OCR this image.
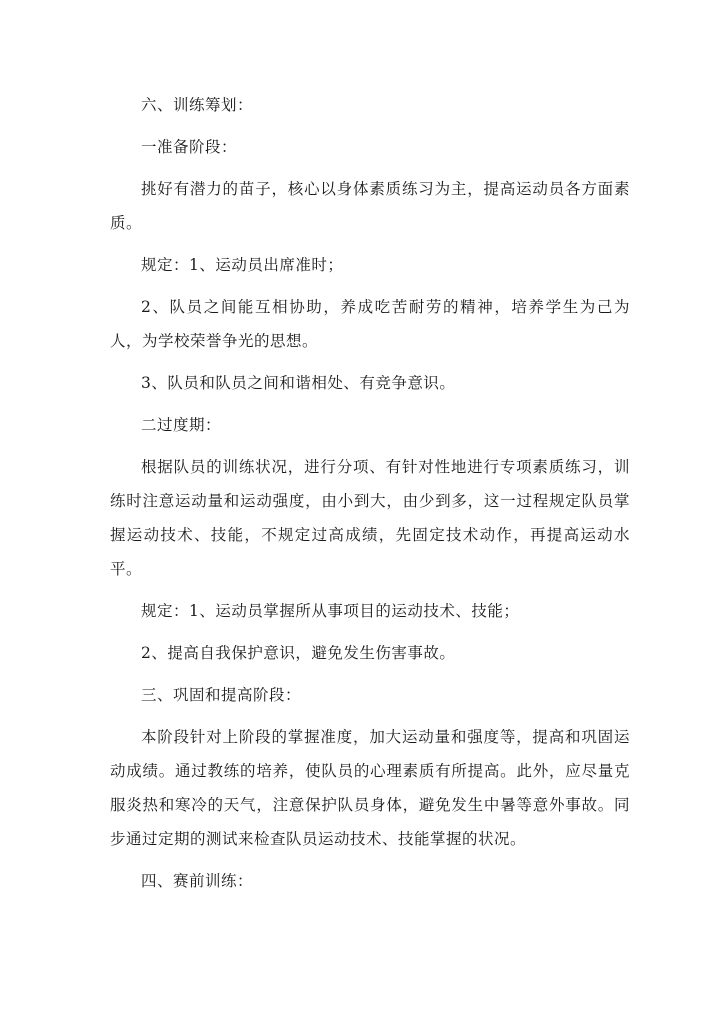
六、训练筹划：

一准备阶段：

挑好有潜力的苗子，核心以身体素质练习为主，提高运动员各方面素质。

规定：1、运动员出席准时；

2、队员之间能互相协助，养成吃苦耐劳的精神，培养学生为己为人，为学校荣誉争光的思想。

3、队员和队员之间和谐相处、有竞争意识。

二过度期：

根据队员的训练状况，进行分项、有针对性地进行专项素质练习，训练时注意运动量和运动强度，由小到大，由少到多，这一过程规定队员掌握运动技术、技能，不规定过高成绩，先固定技术动作，再提高运动水平。

规定：1、运动员掌握所从事项目的运动技术、技能；

2、提高自我保护意识，避免发生伤害事故。

三、巩固和提高阶段：

本阶段针对上阶段的掌握准度，加大运动量和强度等，提高和巩固运动成绩。通过教练的培养，使队员的心理素质有所提高。此外，应尽量克服炎热和寒冷的天气，注意保护队员身体，避免发生中暑等意外事故。同步通过定期的测试来检查队员运动技术、技能掌握的状况。

四、赛前训练：
